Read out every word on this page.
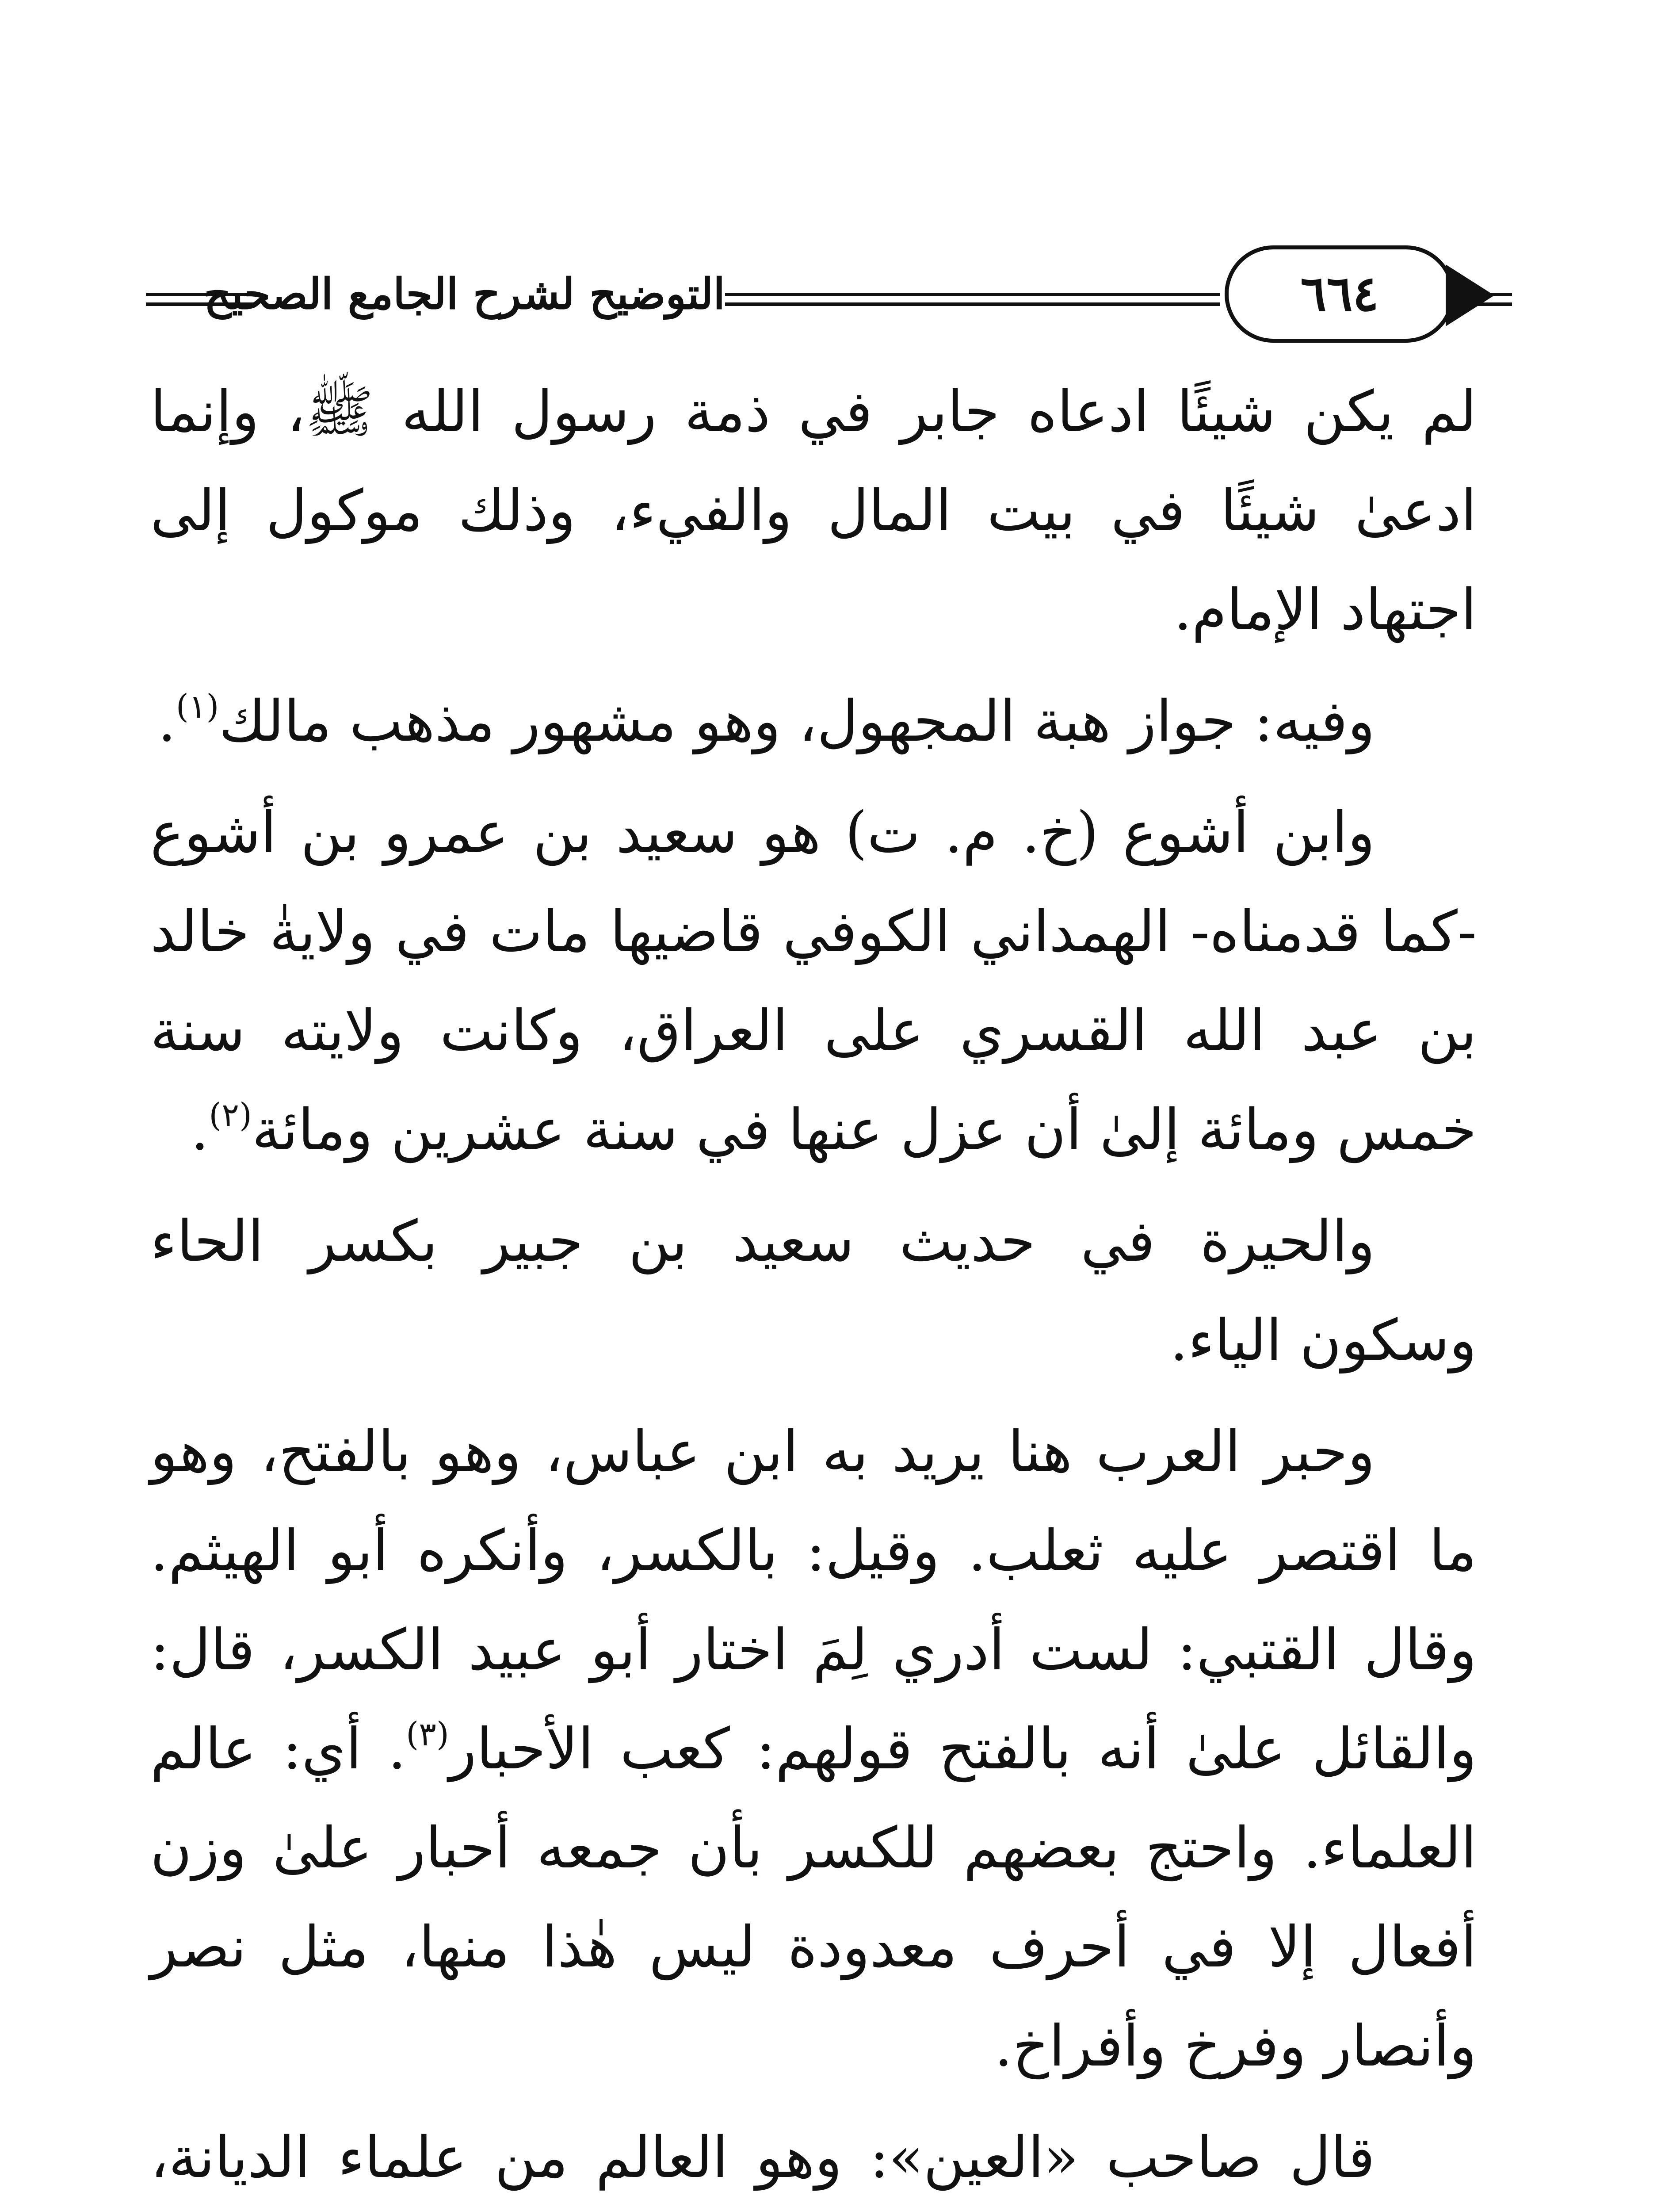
التوضيح لشرح الجامع الصحيح	٦٦٤

لم يكن شيئًا ادعاه جابر في ذمة رسول الله ﷺ، وإنما ادعىٰ شيئًا في بيت المال والفيء، وذلك موكول إلى اجتهاد الإمام.

وفيه: جواز هبة المجهول، وهو مشهور مذهب مالك$^{(١)}$.

وابن أشوع (خ. م. ت) هو سعيد بن عمرو بن أشوع -كما قدمناه- الهمداني الكوفي قاضيها مات في ولايةٰ خالد بن عبد الله القسري على العراق، وكانت ولايته سنة خمس ومائة إلىٰ أن عزل عنها في سنة عشرين ومائة$^{(٢)}$.

والحيرة في حديث سعيد بن جبير بكسر الحاء وسكون الياء.

وحبر العرب هنا يريد به ابن عباس، وهو بالفتح، وهو ما اقتصر عليه ثعلب. وقيل: بالكسر، وأنكره أبو الهيثم. وقال القتبي: لست أدري لِمَ اختار أبو عبيد الكسر، قال: والقائل علىٰ أنه بالفتح قولهم: كعب الأحبار$^{(٣)}$. أي: عالم العلماء. واحتج بعضهم للكسر بأن جمعه أحبار علىٰ وزن أفعال إلا في أحرف معدودة ليس هٰذا منها، مثل نصر وأنصار وفرخ وأفراخ.

قال صاحب «العين»: وهو العالم من علماء الديانة،
